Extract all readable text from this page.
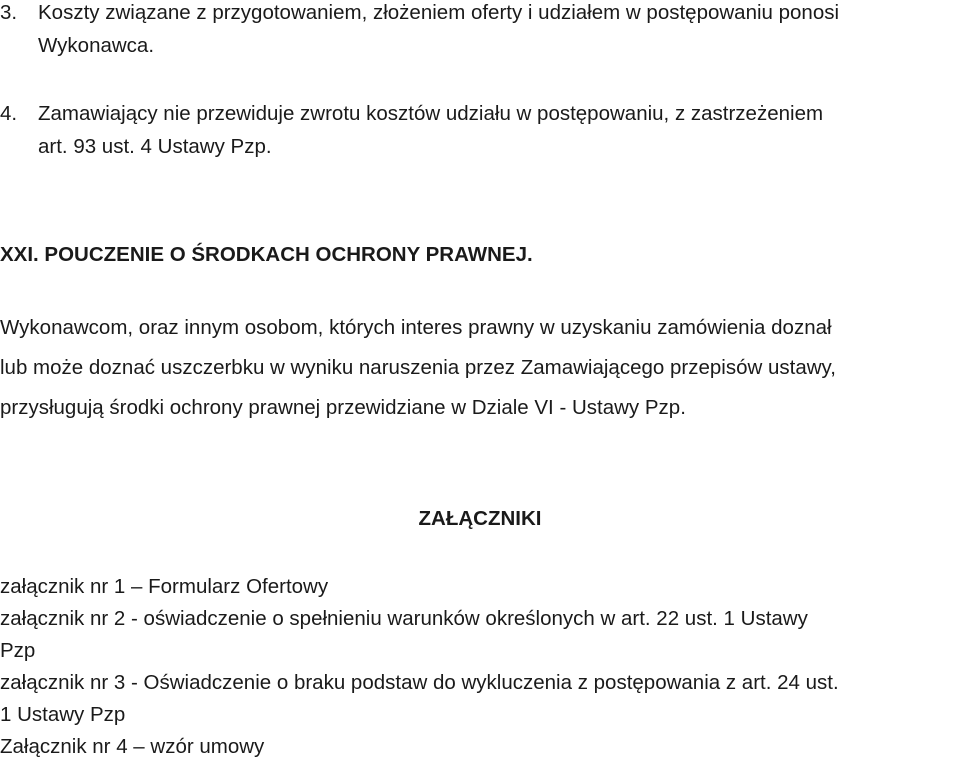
3. Koszty związane z przygotowaniem, złożeniem oferty i udziałem w postępowaniu ponosi
Wykonawca.
4. Zamawiający nie przewiduje zwrotu kosztów udziału w postępowaniu, z zastrzeżeniem
art. 93 ust. 4 Ustawy Pzp.
XXI. POUCZENIE O ŚRODKACH OCHRONY PRAWNEJ.
Wykonawcom, oraz innym osobom, których interes prawny w uzyskaniu zamówienia doznał
lub może doznać uszczerbku w wyniku naruszenia przez Zamawiającego przepisów ustawy,
przysługują środki ochrony prawnej przewidziane w Dziale VI - Ustawy Pzp.
ZAŁĄCZNIKI
załącznik nr 1 – Formularz Ofertowy
załącznik nr 2 - oświadczenie o spełnieniu warunków określonych w art. 22 ust. 1 Ustawy
Pzp
załącznik nr 3 - Oświadczenie o braku podstaw do wykluczenia z postępowania z art. 24 ust.
1 Ustawy Pzp
Załącznik nr 4 – wzór umowy
